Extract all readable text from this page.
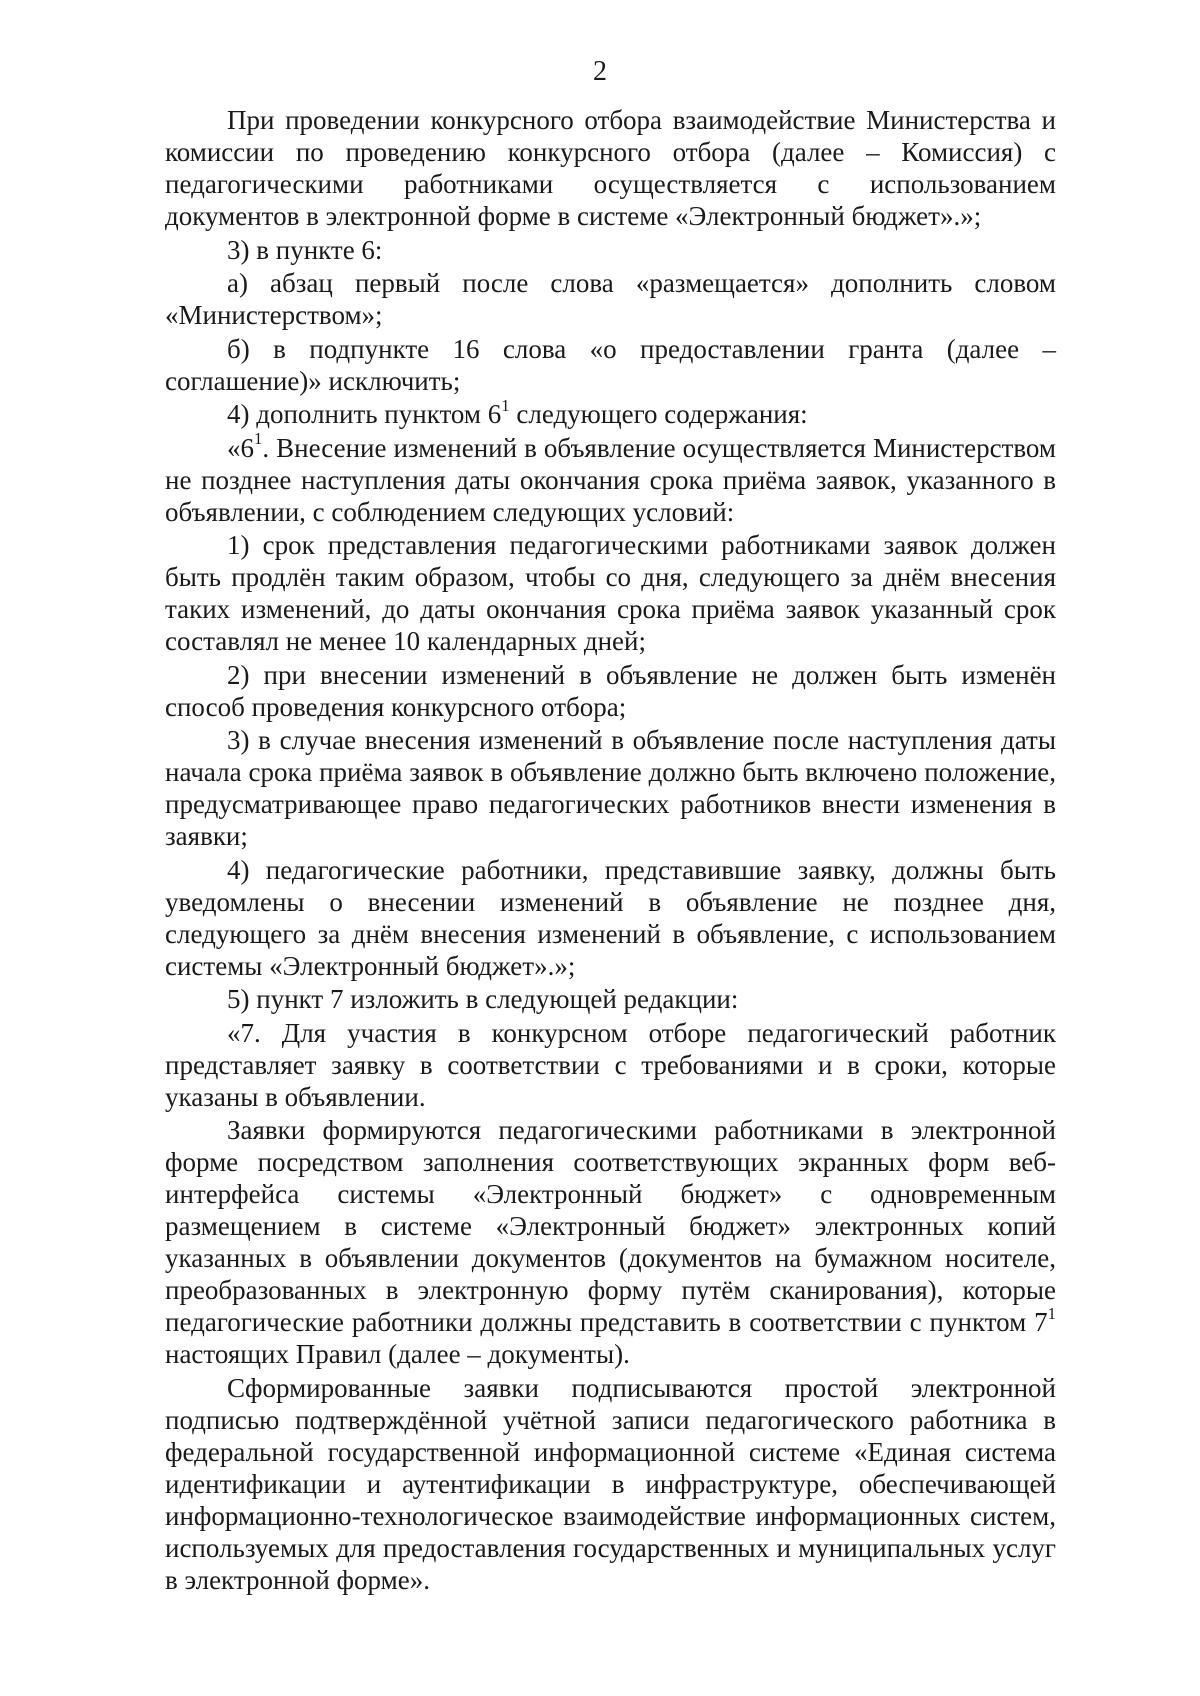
2

При проведении конкурсного отбора взаимодействие Министерства и комиссии по проведению конкурсного отбора (далее – Комиссия) с педагогическими работниками осуществляется с использованием документов в электронной форме в системе «Электронный бюджет».»;

3) в пункте 6:

а) абзац первый после слова «размещается» дополнить словом «Министерством»;

б) в подпункте 16 слова «о предоставлении гранта (далее – соглашение)» исключить;

4) дополнить пунктом $6^1$ следующего содержания:

«$6^1$. Внесение изменений в объявление осуществляется Министерством не позднее наступления даты окончания срока приёма заявок, указанного в объявлении, с соблюдением следующих условий:

1) срок представления педагогическими работниками заявок должен быть продлён таким образом, чтобы со дня, следующего за днём внесения таких изменений, до даты окончания срока приёма заявок указанный срок составлял не менее 10 календарных дней;

2) при внесении изменений в объявление не должен быть изменён способ проведения конкурсного отбора;

3) в случае внесения изменений в объявление после наступления даты начала срока приёма заявок в объявление должно быть включено положение, предусматривающее право педагогических работников внести изменения в заявки;

4) педагогические работники, представившие заявку, должны быть уведомлены о внесении изменений в объявление не позднее дня, следующего за днём внесения изменений в объявление, с использованием системы «Электронный бюджет».»;

5) пункт 7 изложить в следующей редакции:

«7. Для участия в конкурсном отборе педагогический работник представляет заявку в соответствии с требованиями и в сроки, которые указаны в объявлении.

Заявки формируются педагогическими работниками в электронной форме посредством заполнения соответствующих экранных форм веб-интерфейса системы «Электронный бюджет» с одновременным размещением в системе «Электронный бюджет» электронных копий указанных в объявлении документов (документов на бумажном носителе, преобразованных в электронную форму путём сканирования), которые педагогические работники должны представить в соответствии с пунктом $7^1$ настоящих Правил (далее – документы).

Сформированные заявки подписываются простой электронной подписью подтверждённой учётной записи педагогического работника в федеральной государственной информационной системе «Единая система идентификации и аутентификации в инфраструктуре, обеспечивающей информационно-технологическое взаимодействие информационных систем, используемых для предоставления государственных и муниципальных услуг в электронной форме».
